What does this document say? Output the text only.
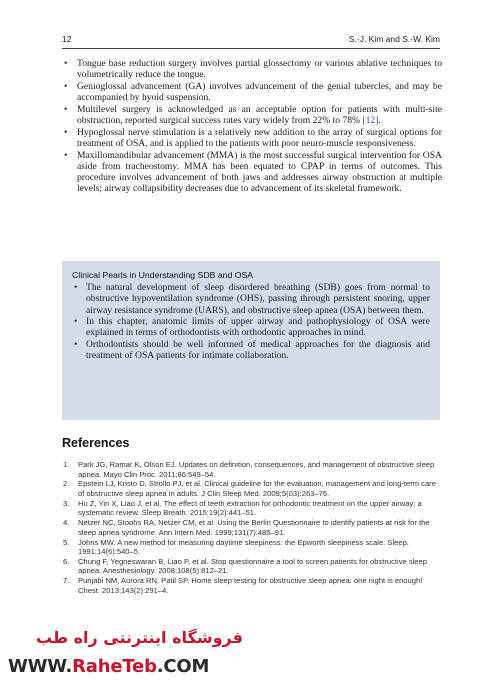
12	S.-J. Kim and S.-W. Kim
• Tongue base reduction surgery involves partial glossectomy or various ablative techniques to volumetrically reduce the tongue.
• Genioglossal advancement (GA) involves advancement of the genial tubercles, and may be accompanied by hyoid suspension.
• Multilevel surgery is acknowledged as an acceptable option for patients with multi-site obstruction, reported surgical success rates vary widely from 22% to 78% [12].
• Hypoglossal nerve stimulation is a relatively new addition to the array of surgical options for treatment of OSA, and is applied to the patients with poor neuro-muscle responsiveness.
• Maxillomandibular advancement (MMA) is the most successful surgical intervention for OSA aside from tracheostomy. MMA has been equated to CPAP in terms of outcomes. This procedure involves advancement of both jaws and addresses airway obstruction at multiple levels; airway collapsibility decreases due to advancement of its skeletal framework.
Clinical Pearls in Understanding SDB and OSA
• The natural development of sleep disordered breathing (SDB) goes from normal to obstructive hypoventilation syndrome (OHS), passing through persistent snoring, upper airway resistance syndrome (UARS), and obstructive sleep apnea (OSA) between them.
• In this chapter, anatomic limits of upper airway and pathophysiology of OSA were explained in terms of orthodontists with orthodontic approaches in mind.
• Orthodontists should be well informed of medical approaches for the diagnosis and treatment of OSA patients for intimate collaboration.
References
1. Park JG, Ramar K, Olson EJ. Updates on definition, consequences, and management of obstructive sleep apnea. Mayo Clin Proc. 2011;86:549–54.
2. Epstein LJ, Kristo D, Strollo PJ, et al. Clinical guideline for the evaluation, management and long-term care of obstructive sleep apnea in adults. J Clin Sleep Med. 2009;5(03):263–76.
3. Hu Z, Yin X, Liao J, et al. The effect of teeth extraction for orthodontic treatment on the upper airway: a systematic review. Sleep Breath. 2015;19(2):441–51.
4. Netzer NC, Stoohs RA, Netzer CM, et al. Using the Berlin Questionnaire to identify patients at risk for the sleep apnea syndrome. Ann Intern Med. 1999;131(7):485–91.
5. Johns MW. A new method for measuring daytime sleepiness: the Epworth sleepiness scale. Sleep. 1991;14(6):540–5.
6. Chung F, Yegneswaran B, Liao P, et al. Stop questionnaire a tool to screen patients for obstructive sleep apnea. Anesthesiology. 2008;108(5):812–21.
7. Punjabi NM, Aurora RN, Patil SP. Home sleep testing for obstructive sleep apnea: one night is enough! Chest. 2013;143(2):291–4.
فروشگاه اینترنتی راه طب
WWW.RaheTeb.COM
